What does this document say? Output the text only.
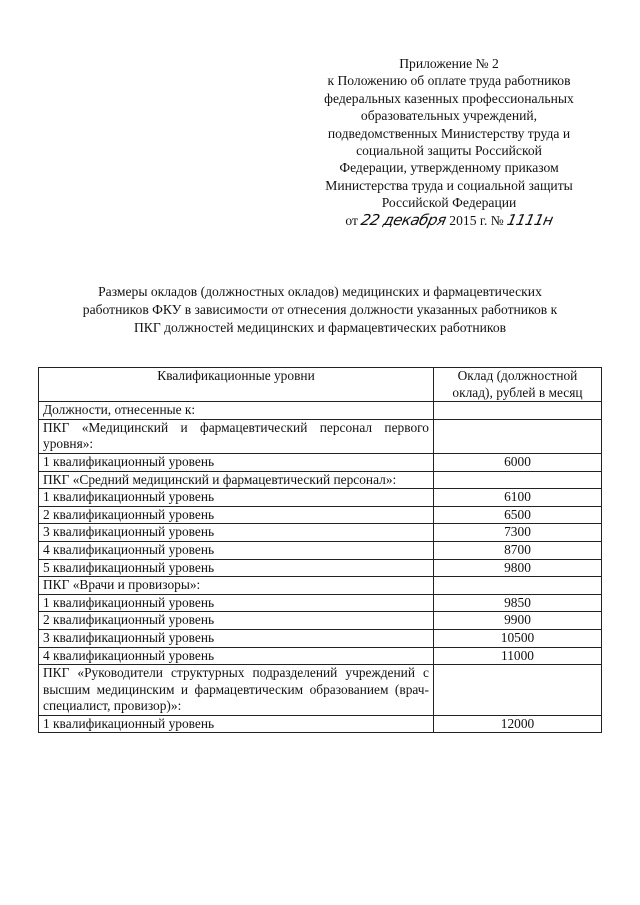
Приложение № 2
к Положению об оплате труда работников
федеральных казенных профессиональных
образовательных учреждений,
подведомственных Министерству труда и
социальной защиты Российской
Федерации, утвержденному приказом
Министерства труда и социальной защиты
Российской Федерации
от 22 декабря 2015 г. № 1111н
Размеры окладов (должностных окладов) медицинских и фармацевтических
работников ФКУ в зависимости от отнесения должности указанных работников к
ПКГ должностей медицинских и фармацевтических работников
Квалификационные уровни	Оклад (должностной оклад), рублей в месяц
Должности, отнесенные к:	
ПКГ «Медицинский и фармацевтический персонал первого уровня»:	
1 квалификационный уровень	6000
ПКГ «Средний медицинский и фармацевтический персонал»:	
1 квалификационный уровень	6100
2 квалификационный уровень	6500
3 квалификационный уровень	7300
4 квалификационный уровень	8700
5 квалификационный уровень	9800
ПКГ «Врачи и провизоры»:	
1 квалификационный уровень	9850
2 квалификационный уровень	9900
3 квалификационный уровень	10500
4 квалификационный уровень	11000
ПКГ «Руководители структурных подразделений учреждений с высшим медицинским и фармацевтическим образованием (врач-специалист, провизор)»:	
1 квалификационный уровень	12000
